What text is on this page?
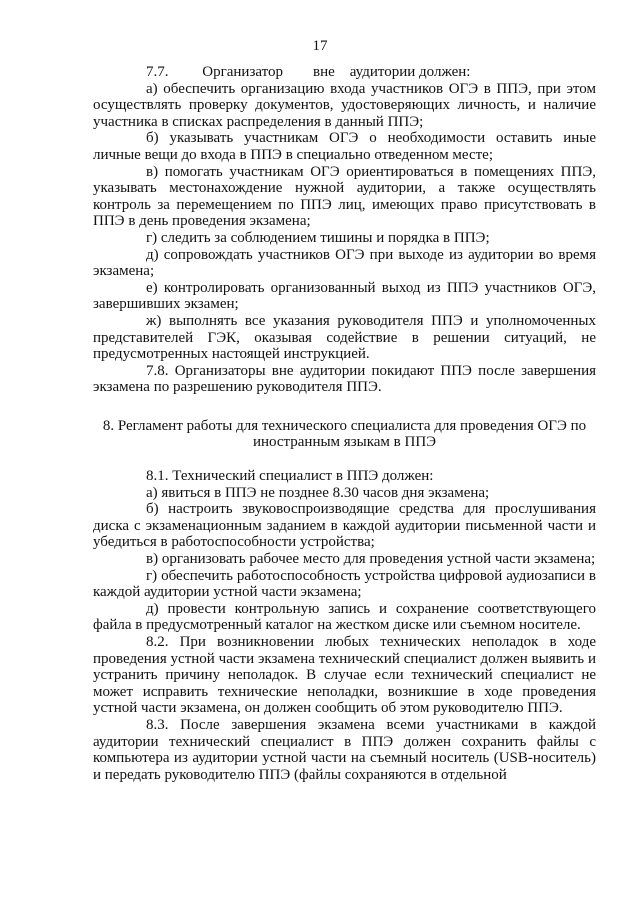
17

7.7.         Организатор        вне    аудитории должен:

а) обеспечить организацию входа участников ОГЭ в ППЭ, при этом осуществлять проверку документов, удостоверяющих личность, и наличие участника в списках распределения в данный ППЭ;

б) указывать участникам ОГЭ о необходимости оставить иные личные вещи до входа в ППЭ в специально отведенном месте;

в) помогать участникам ОГЭ ориентироваться в помещениях ППЭ, указывать местонахождение нужной аудитории, а также осуществлять контроль за перемещением по ППЭ лиц, имеющих право присутствовать в ППЭ в день проведения экзамена;

г) следить за соблюдением тишины и порядка в ППЭ;

д) сопровождать участников ОГЭ при выходе из аудитории во время экзамена;

е) контролировать организованный выход из ППЭ участников ОГЭ, завершивших экзамен;

ж) выполнять все указания руководителя ППЭ и уполномоченных представителей ГЭК, оказывая содействие в решении ситуаций, не предусмотренных настоящей инструкцией.

7.8. Организаторы вне аудитории покидают ППЭ после завершения экзамена по разрешению руководителя ППЭ.

8. Регламент работы для технического специалиста для проведения ОГЭ по иностранным языкам в ППЭ

8.1. Технический специалист в ППЭ должен:

а) явиться в ППЭ не позднее 8.30 часов дня экзамена;

б) настроить звуковоспроизводящие средства для прослушивания диска с экзаменационным заданием в каждой аудитории письменной части и убедиться в работоспособности устройства;

в) организовать рабочее место для проведения устной части экзамена;

г) обеспечить работоспособность устройства цифровой аудиозаписи в каждой аудитории устной части экзамена;

д) провести контрольную запись и сохранение соответствующего файла в предусмотренный каталог на жестком диске или съемном носителе.

8.2. При возникновении любых технических неполадок в ходе проведения устной части экзамена технический специалист должен выявить и устранить причину неполадок. В случае если технический специалист не может исправить технические неполадки, возникшие в ходе проведения устной части экзамена, он должен сообщить об этом руководителю ППЭ.

8.3. После завершения экзамена всеми участниками в каждой аудитории технический специалист в ППЭ должен сохранить файлы с компьютера из аудитории устной части на съемный носитель (USB-носитель) и передать руководителю ППЭ (файлы сохраняются в отдельной
